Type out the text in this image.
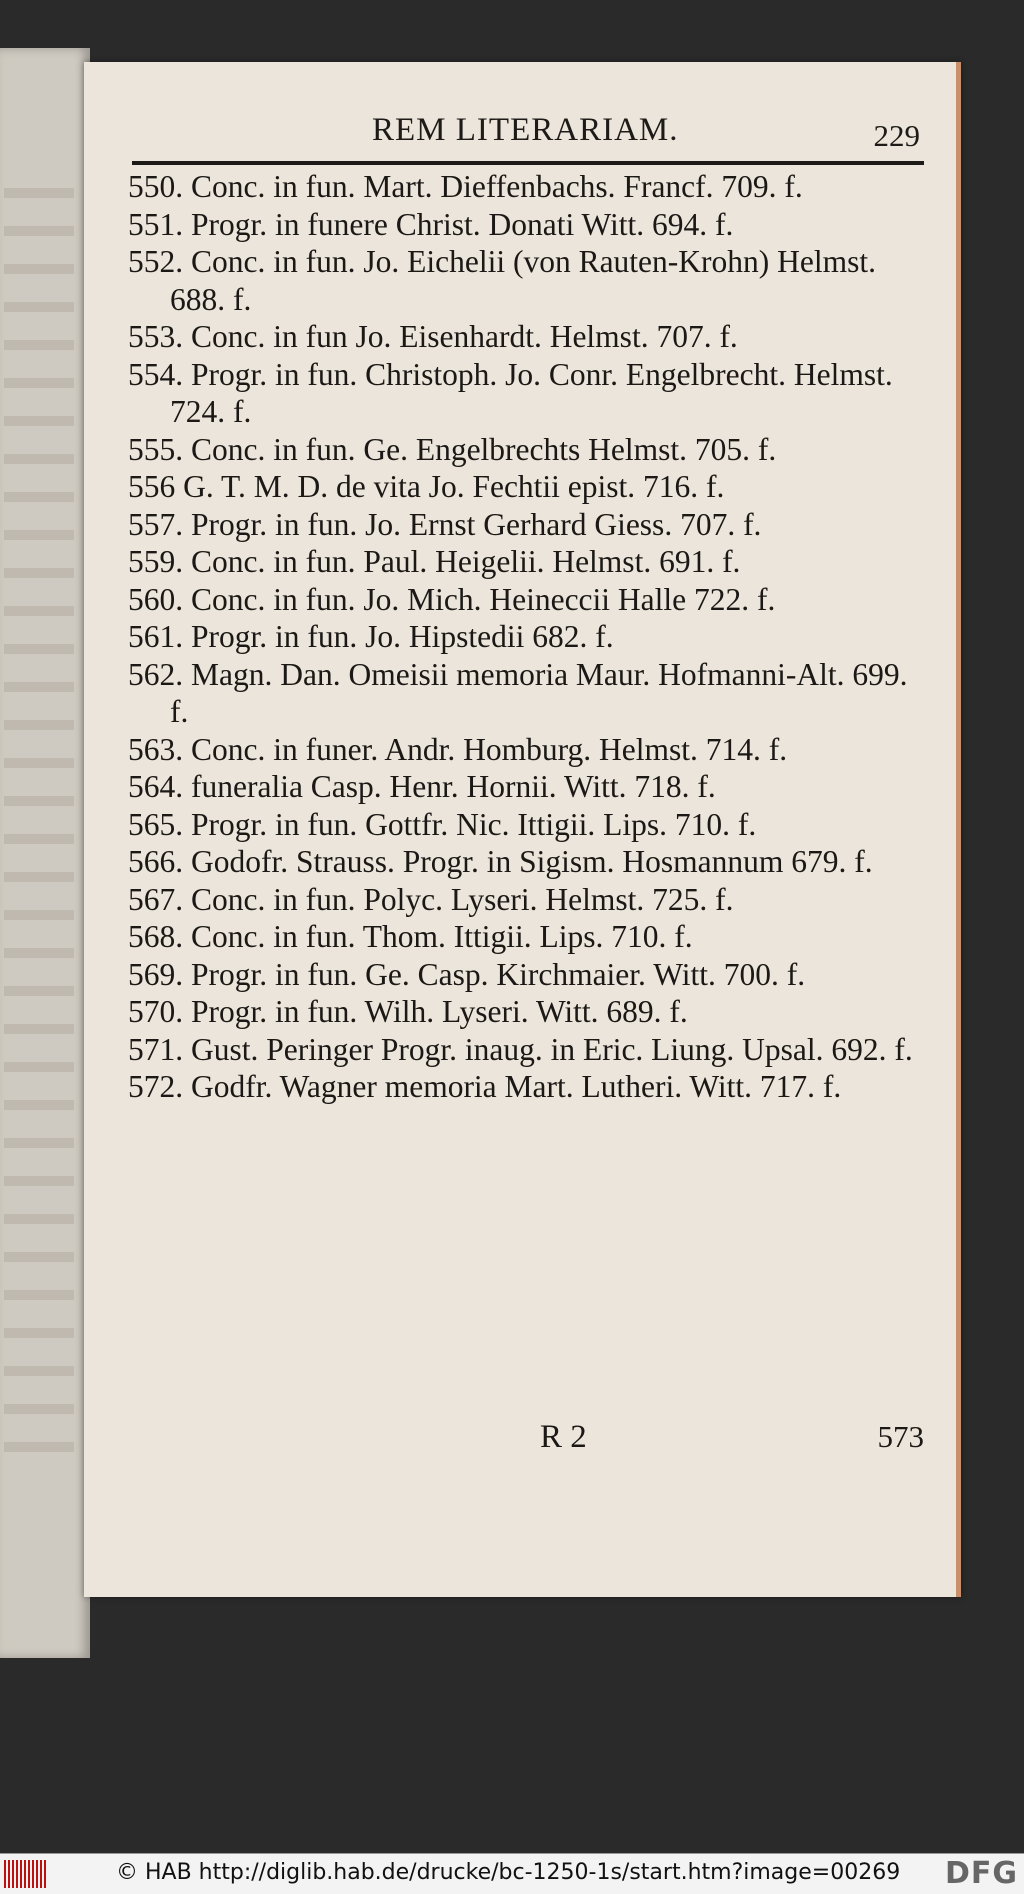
REM LITERARIAM.	229
550. Conc. in fun. Mart. Dieffenbachs. Francf. 709. f.
551. Progr. in funere Christ. Donati Witt. 694. f.
552. Conc. in fun. Jo. Eichelii (von Rauten-Krohn) Helmst. 688. f.
553. Conc. in fun Jo. Eisenhardt. Helmst. 707. f.
554. Progr. in fun. Christoph. Jo. Conr. Engelbrecht. Helmst. 724. f.
555. Conc. in fun. Ge. Engelbrechts Helmst. 705. f.
556 G. T. M. D. de vita Jo. Fechtii epist. 716. f.
557. Progr. in fun. Jo. Ernst Gerhard Giess. 707. f.
559. Conc. in fun. Paul. Heigelii. Helmst. 691. f.
560. Conc. in fun. Jo. Mich. Heineccii Halle 722. f.
561. Progr. in fun. Jo. Hipstedii 682. f.
562. Magn. Dan. Omeisii memoria Maur. Hofmanni-Alt. 699. f.
563. Conc. in funer. Andr. Homburg. Helmst. 714. f.
564. funeralia Casp. Henr. Hornii. Witt. 718. f.
565. Progr. in fun. Gottfr. Nic. Ittigii. Lips. 710. f.
566. Godofr. Strauss. Progr. in Sigism. Hosmannum 679. f.
567. Conc. in fun. Polyc. Lyseri. Helmst. 725. f.
568. Conc. in fun. Thom. Ittigii. Lips. 710. f.
569. Progr. in fun. Ge. Casp. Kirchmaier. Witt. 700. f.
570. Progr. in fun. Wilh. Lyseri. Witt. 689. f.
571. Gust. Peringer Progr. inaug. in Eric. Liung. Upsal. 692. f.
572. Godfr. Wagner memoria Mart. Lutheri. Witt. 717. f.
R 2	573
© HAB http://diglib.hab.de/drucke/bc-1250-1s/start.htm?image=00269 DFG
